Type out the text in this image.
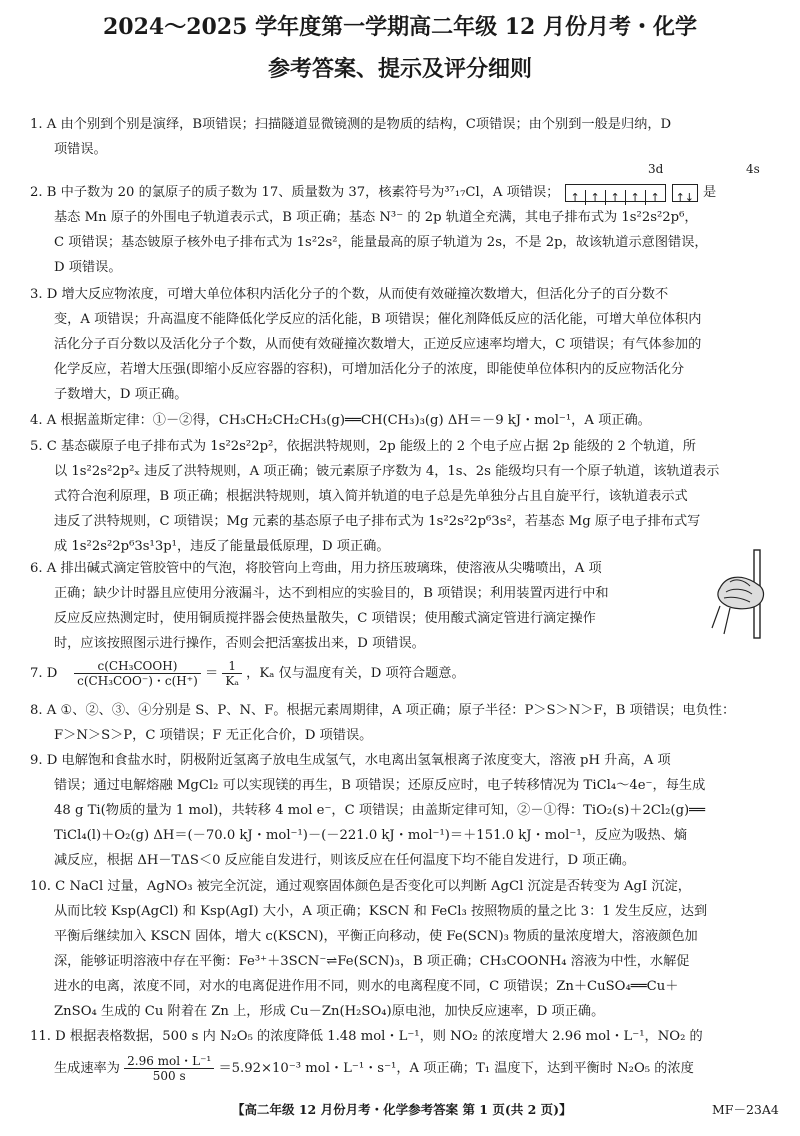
2024～2025 学年度第一学期高二年级 12 月份月考・化学
参考答案、提示及评分细则
1. A 由个别到个别是演绎，B项错误；扫描隧道显微镜测的是物质的结构，C项错误；由个别到一般是归纳，D
项错误。
3d	4s
2. B 中子数为 20 的氯原子的质子数为 17、质量数为 37，核素符号为³⁷₁₇Cl，A 项错误； ↑ ↑ ↑ ↑ ↑ ↑↓ 是
基态 Mn 原子的外围电子轨道表示式，B 项正确；基态 N³⁻ 的 2p 轨道全充满，其电子排布式为 1s²2s²2p⁶，
C 项错误；基态铍原子核外电子排布式为 1s²2s²，能量最高的原子轨道为 2s，不是 2p，故该轨道示意图错误，
D 项错误。
3. D 增大反应物浓度，可增大单位体积内活化分子的个数，从而使有效碰撞次数增大，但活化分子的百分数不
变，A 项错误；升高温度不能降低化学反应的活化能，B 项错误；催化剂降低反应的活化能，可增大单位体积内
活化分子百分数以及活化分子个数，从而使有效碰撞次数增大，正逆反应速率均增大，C 项错误；有气体参加的
化学反应，若增大压强(即缩小反应容器的容积)，可增加活化分子的浓度，即能使单位体积内的反应物活化分
子数增大，D 项正确。
4. A 根据盖斯定律：①－②得，CH₃CH₂CH₂CH₃(g)══CH(CH₃)₃(g) ΔH＝－9 kJ・mol⁻¹，A 项正确。
5. C 基态碳原子电子排布式为 1s²2s²2p²，依据洪特规则，2p 能级上的 2 个电子应占据 2p 能级的 2 个轨道，所
以 1s²2s²2p²ₓ 违反了洪特规则，A 项正确；铍元素原子序数为 4，1s、2s 能级均只有一个原子轨道，该轨道表示
式符合泡利原理，B 项正确；根据洪特规则，填入简并轨道的电子总是先单独分占且自旋平行，该轨道表示式
违反了洪特规则，C 项错误；Mg 元素的基态原子电子排布式为 1s²2s²2p⁶3s²，若基态 Mg 原子电子排布式写
成 1s²2s²2p⁶3s¹3p¹，违反了能量最低原理，D 项正确。
6. A 排出碱式滴定管胶管中的气泡，将胶管向上弯曲，用力挤压玻璃珠，使溶液从尖嘴喷出，A 项
正确；缺少计时器且应使用分液漏斗，达不到相应的实验目的，B 项错误；利用装置丙进行中和
反应反应热测定时，使用铜质搅拌器会使热量散失，C 项错误；使用酸式滴定管进行滴定操作
时，应该按照图示进行操作，否则会把活塞拔出来，D 项错误。
7. D $\frac{\text{c(CH₃COOH)}}{\text{c(CH₃COO⁻)・c(H⁺)}} = \frac{1}{\text{Kₐ}}$ ，Kₐ 仅与温度有关，D 项符合题意。
8. A ①、②、③、④分别是 S、P、N、F。根据元素周期律，A 项正确；原子半径：P＞S＞N＞F，B 项错误；电负性：
F＞N＞S＞P，C 项错误；F 无正化合价，D 项错误。
9. D 电解饱和食盐水时，阴极附近氢离子放电生成氢气，水电离出氢氧根离子浓度变大，溶液 pH 升高，A 项
错误；通过电解熔融 MgCl₂ 可以实现镁的再生，B 项错误；还原反应时，电子转移情况为 TiCl₄～4e⁻，每生成
48 g Ti(物质的量为 1 mol)，共转移 4 mol e⁻，C 项错误；由盖斯定律可知，②－①得：TiO₂(s)＋2Cl₂(g)══
TiCl₄(l)＋O₂(g) ΔH＝(－70.0 kJ・mol⁻¹)－(－221.0 kJ・mol⁻¹)＝＋151.0 kJ・mol⁻¹，反应为吸热、熵
减反应，根据 ΔH－TΔS＜0 反应能自发进行，则该反应在任何温度下均不能自发进行，D 项正确。
10. C NaCl 过量，AgNO₃ 被完全沉淀，通过观察固体颜色是否变化可以判断 AgCl 沉淀是否转变为 AgI 沉淀，
从而比较 Ksp(AgCl) 和 Ksp(AgI) 大小，A 项正确；KSCN 和 FeCl₃ 按照物质的量之比 3：1 发生反应，达到
平衡后继续加入 KSCN 固体，增大 c(KSCN)，平衡正向移动，使 Fe(SCN)₃ 物质的量浓度增大，溶液颜色加
深，能够证明溶液中存在平衡：Fe³⁺＋3SCN⁻⇌Fe(SCN)₃，B 项正确；CH₃COONH₄ 溶液为中性，水解促
进水的电离，浓度不同，对水的电离促进作用不同，则水的电离程度不同，C 项错误；Zn＋CuSO₄══Cu＋
ZnSO₄ 生成的 Cu 附着在 Zn 上，形成 Cu－Zn(H₂SO₄)原电池，加快反应速率，D 项正确。
11. D 根据表格数据，500 s 内 N₂O₅ 的浓度降低 1.48 mol・L⁻¹，则 NO₂ 的浓度增大 2.96 mol・L⁻¹，NO₂ 的
生成速率为 $\frac{\text{2.96 mol・L⁻¹}}{500 s} =5.92\times 10^{-3}$ mol・L⁻¹・s⁻¹，A 项正确；T₁ 温度下，达到平衡时 N₂O₅ 的浓度
【高二年级 12 月份月考・化学参考答案 第 1 页(共 2 页)】	MF－23A4
